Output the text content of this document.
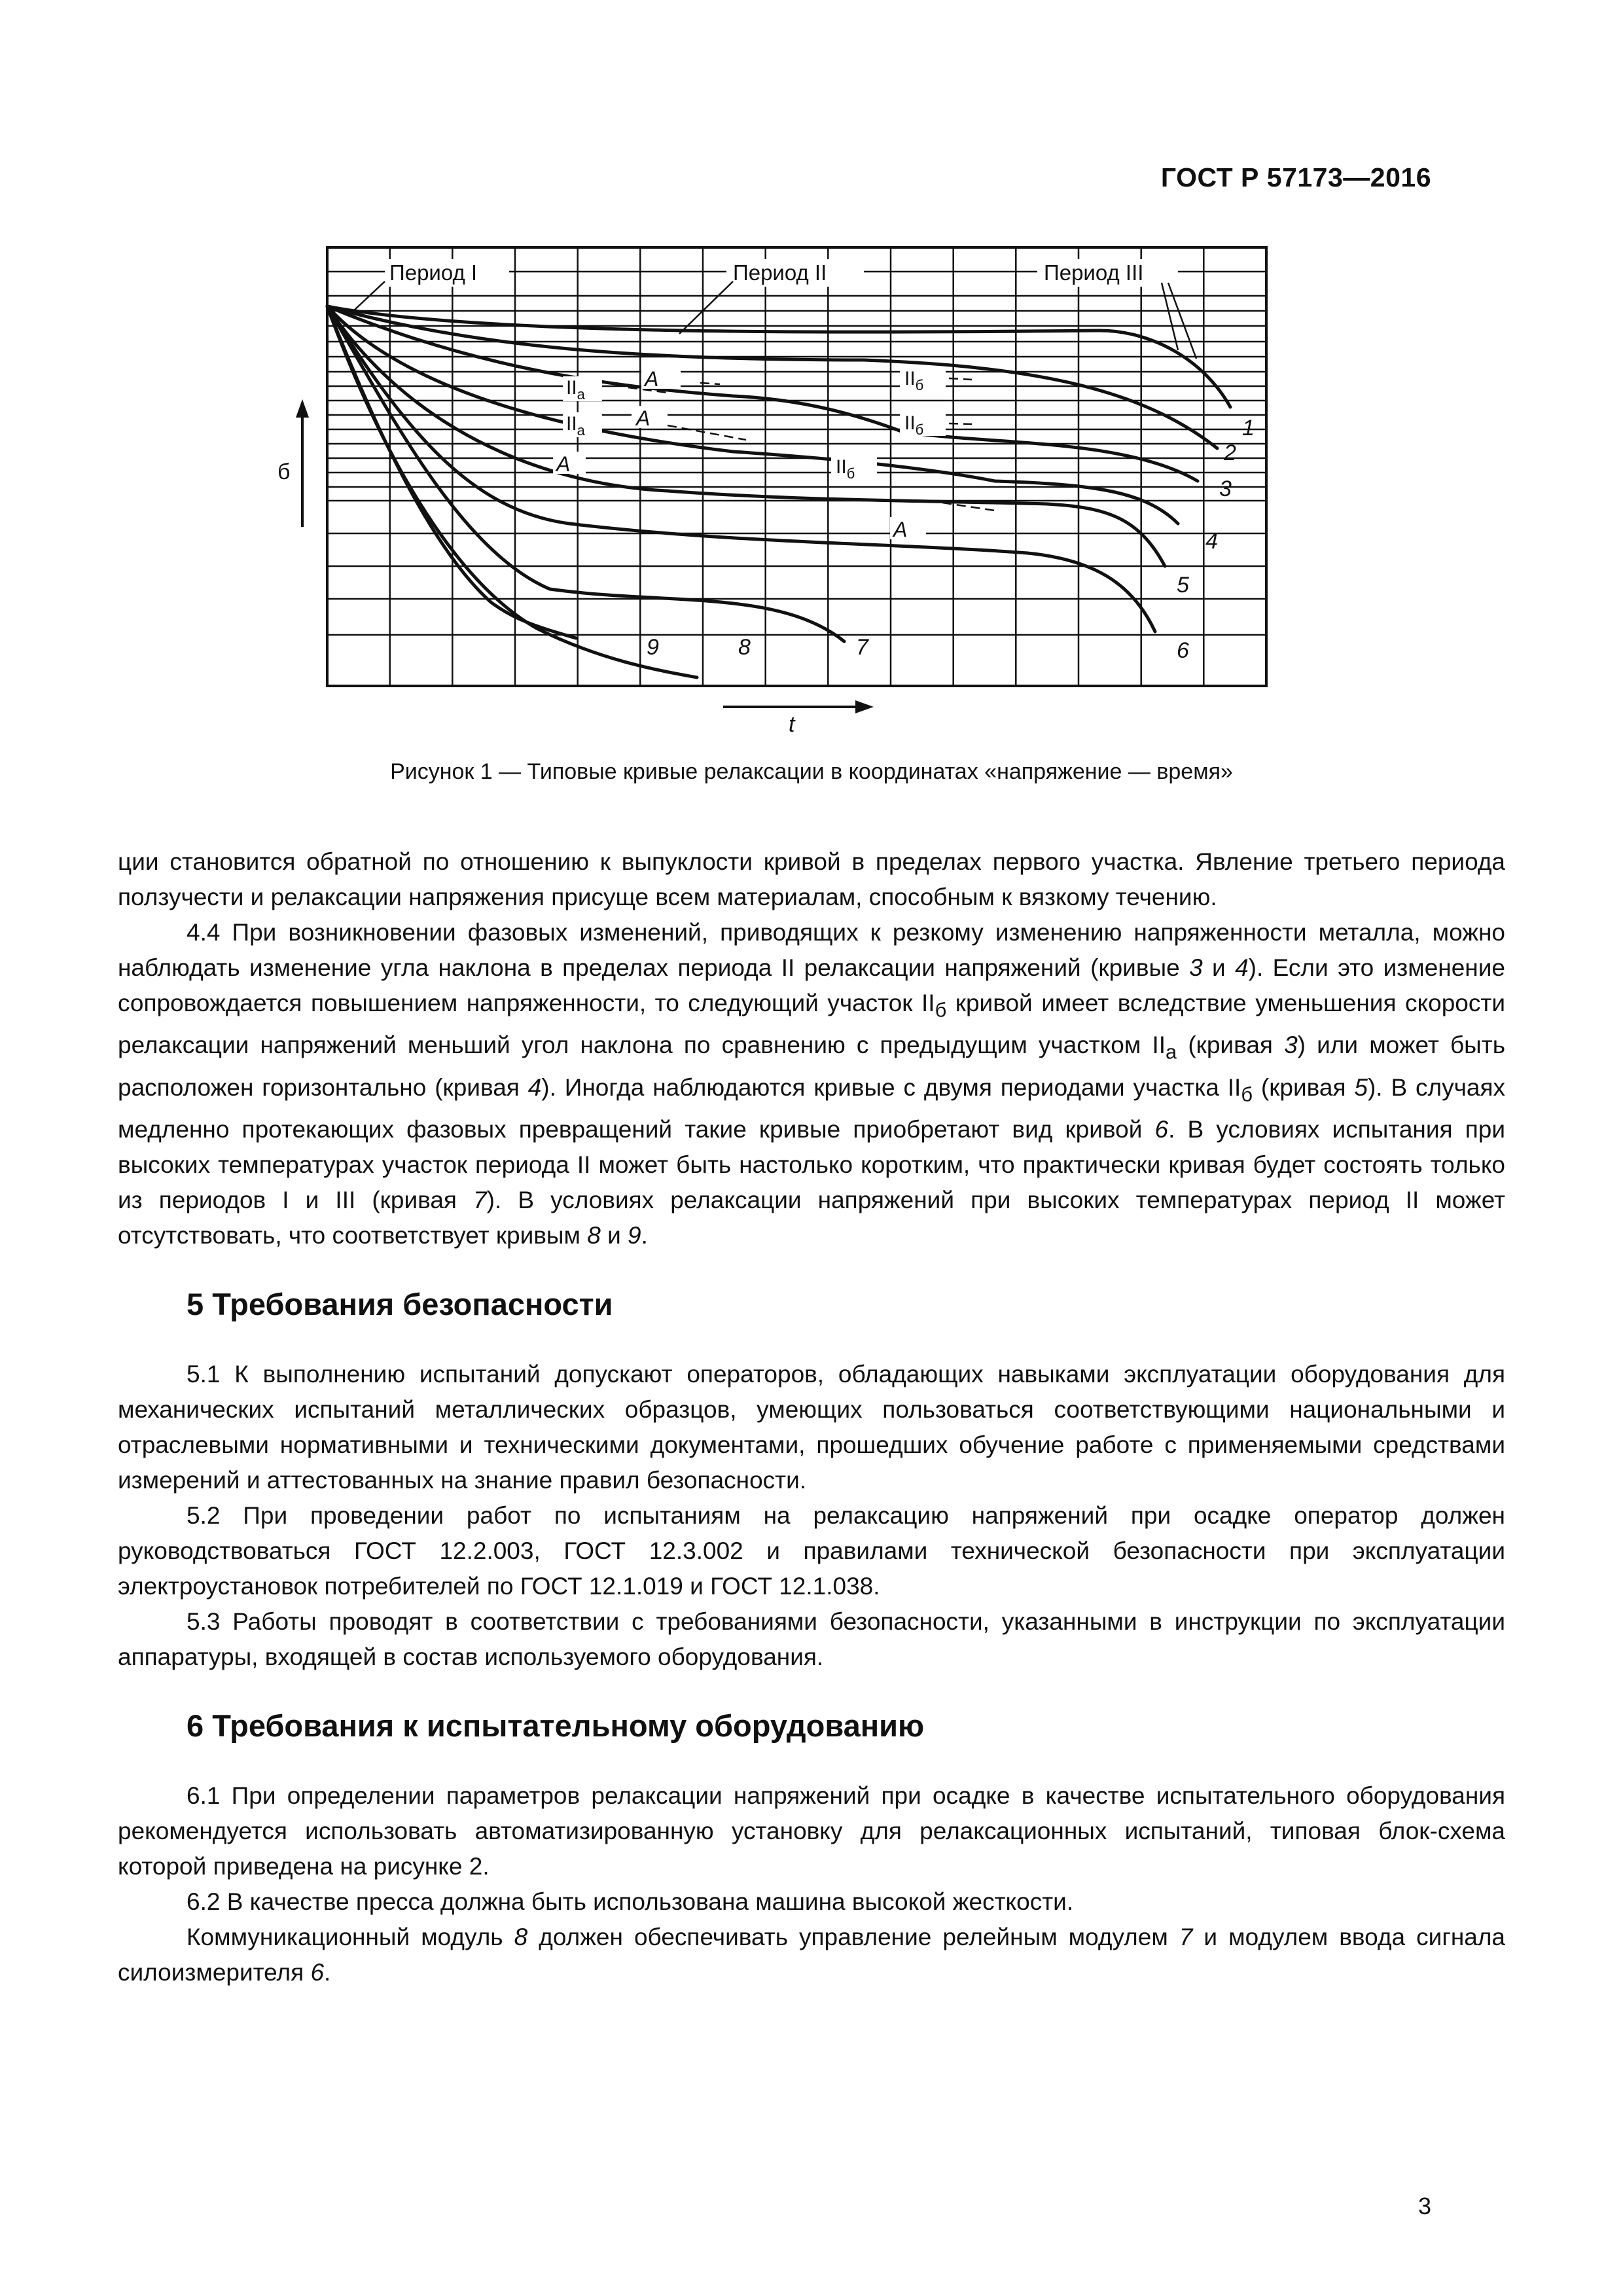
ГОСТ Р 57173—2016
Период I	Период II	Период III
A
A
A
A
$II_а$
$II_а$
$II_б$
$II_б$
$II_б$
1
2
3
4
5
6
7
8
9
б
t
Рисунок 1 — Типовые кривые релаксации в координатах «напряжение — время»

ции становится обратной по отношению к выпуклости кривой в пределах первого участка. Явление третьего периода ползучести и релаксации напряжения присуще всем материалам, способным к вязкому течению.

4.4 При возникновении фазовых изменений, приводящих к резкому изменению напряженности металла, можно наблюдать изменение угла наклона в пределах периода II релаксации напряжений (кривые 3 и 4). Если это изменение сопровождается повышением напряженности, то следующий участок $II_б$ кривой имеет вследствие уменьшения скорости релаксации напряжений меньший угол наклона по сравнению с предыдущим участком $II_а$ (кривая 3) или может быть расположен горизонтально (кривая 4). Иногда наблюдаются кривые с двумя периодами участка $II_б$ (кривая 5). В случаях медленно протекающих фазовых превращений такие кривые приобретают вид кривой 6. В условиях испытания при высоких температурах участок периода II может быть настолько коротким, что практически кривая будет состоять только из периодов I и III (кривая 7). В условиях релаксации напряжений при высоких температурах период II может отсутствовать, что соответствует кривым 8 и 9.

5 Требования безопасности

5.1 К выполнению испытаний допускают операторов, обладающих навыками эксплуатации оборудования для механических испытаний металлических образцов, умеющих пользоваться соответствующими национальными и отраслевыми нормативными и техническими документами, прошедших обучение работе с применяемыми средствами измерений и аттестованных на знание правил безопасности.

5.2 При проведении работ по испытаниям на релаксацию напряжений при осадке оператор должен руководствоваться ГОСТ 12.2.003, ГОСТ 12.3.002 и правилами технической безопасности при эксплуатации электроустановок потребителей по ГОСТ 12.1.019 и ГОСТ 12.1.038.

5.3 Работы проводят в соответствии с требованиями безопасности, указанными в инструкции по эксплуатации аппаратуры, входящей в состав используемого оборудования.

6 Требования к испытательному оборудованию

6.1 При определении параметров релаксации напряжений при осадке в качестве испытательного оборудования рекомендуется использовать автоматизированную установку для релаксационных испытаний, типовая блок-схема которой приведена на рисунке 2.

6.2 В качестве пресса должна быть использована машина высокой жесткости.

Коммуникационный модуль 8 должен обеспечивать управление релейным модулем 7 и модулем ввода сигнала силоизмерителя 6.

3
